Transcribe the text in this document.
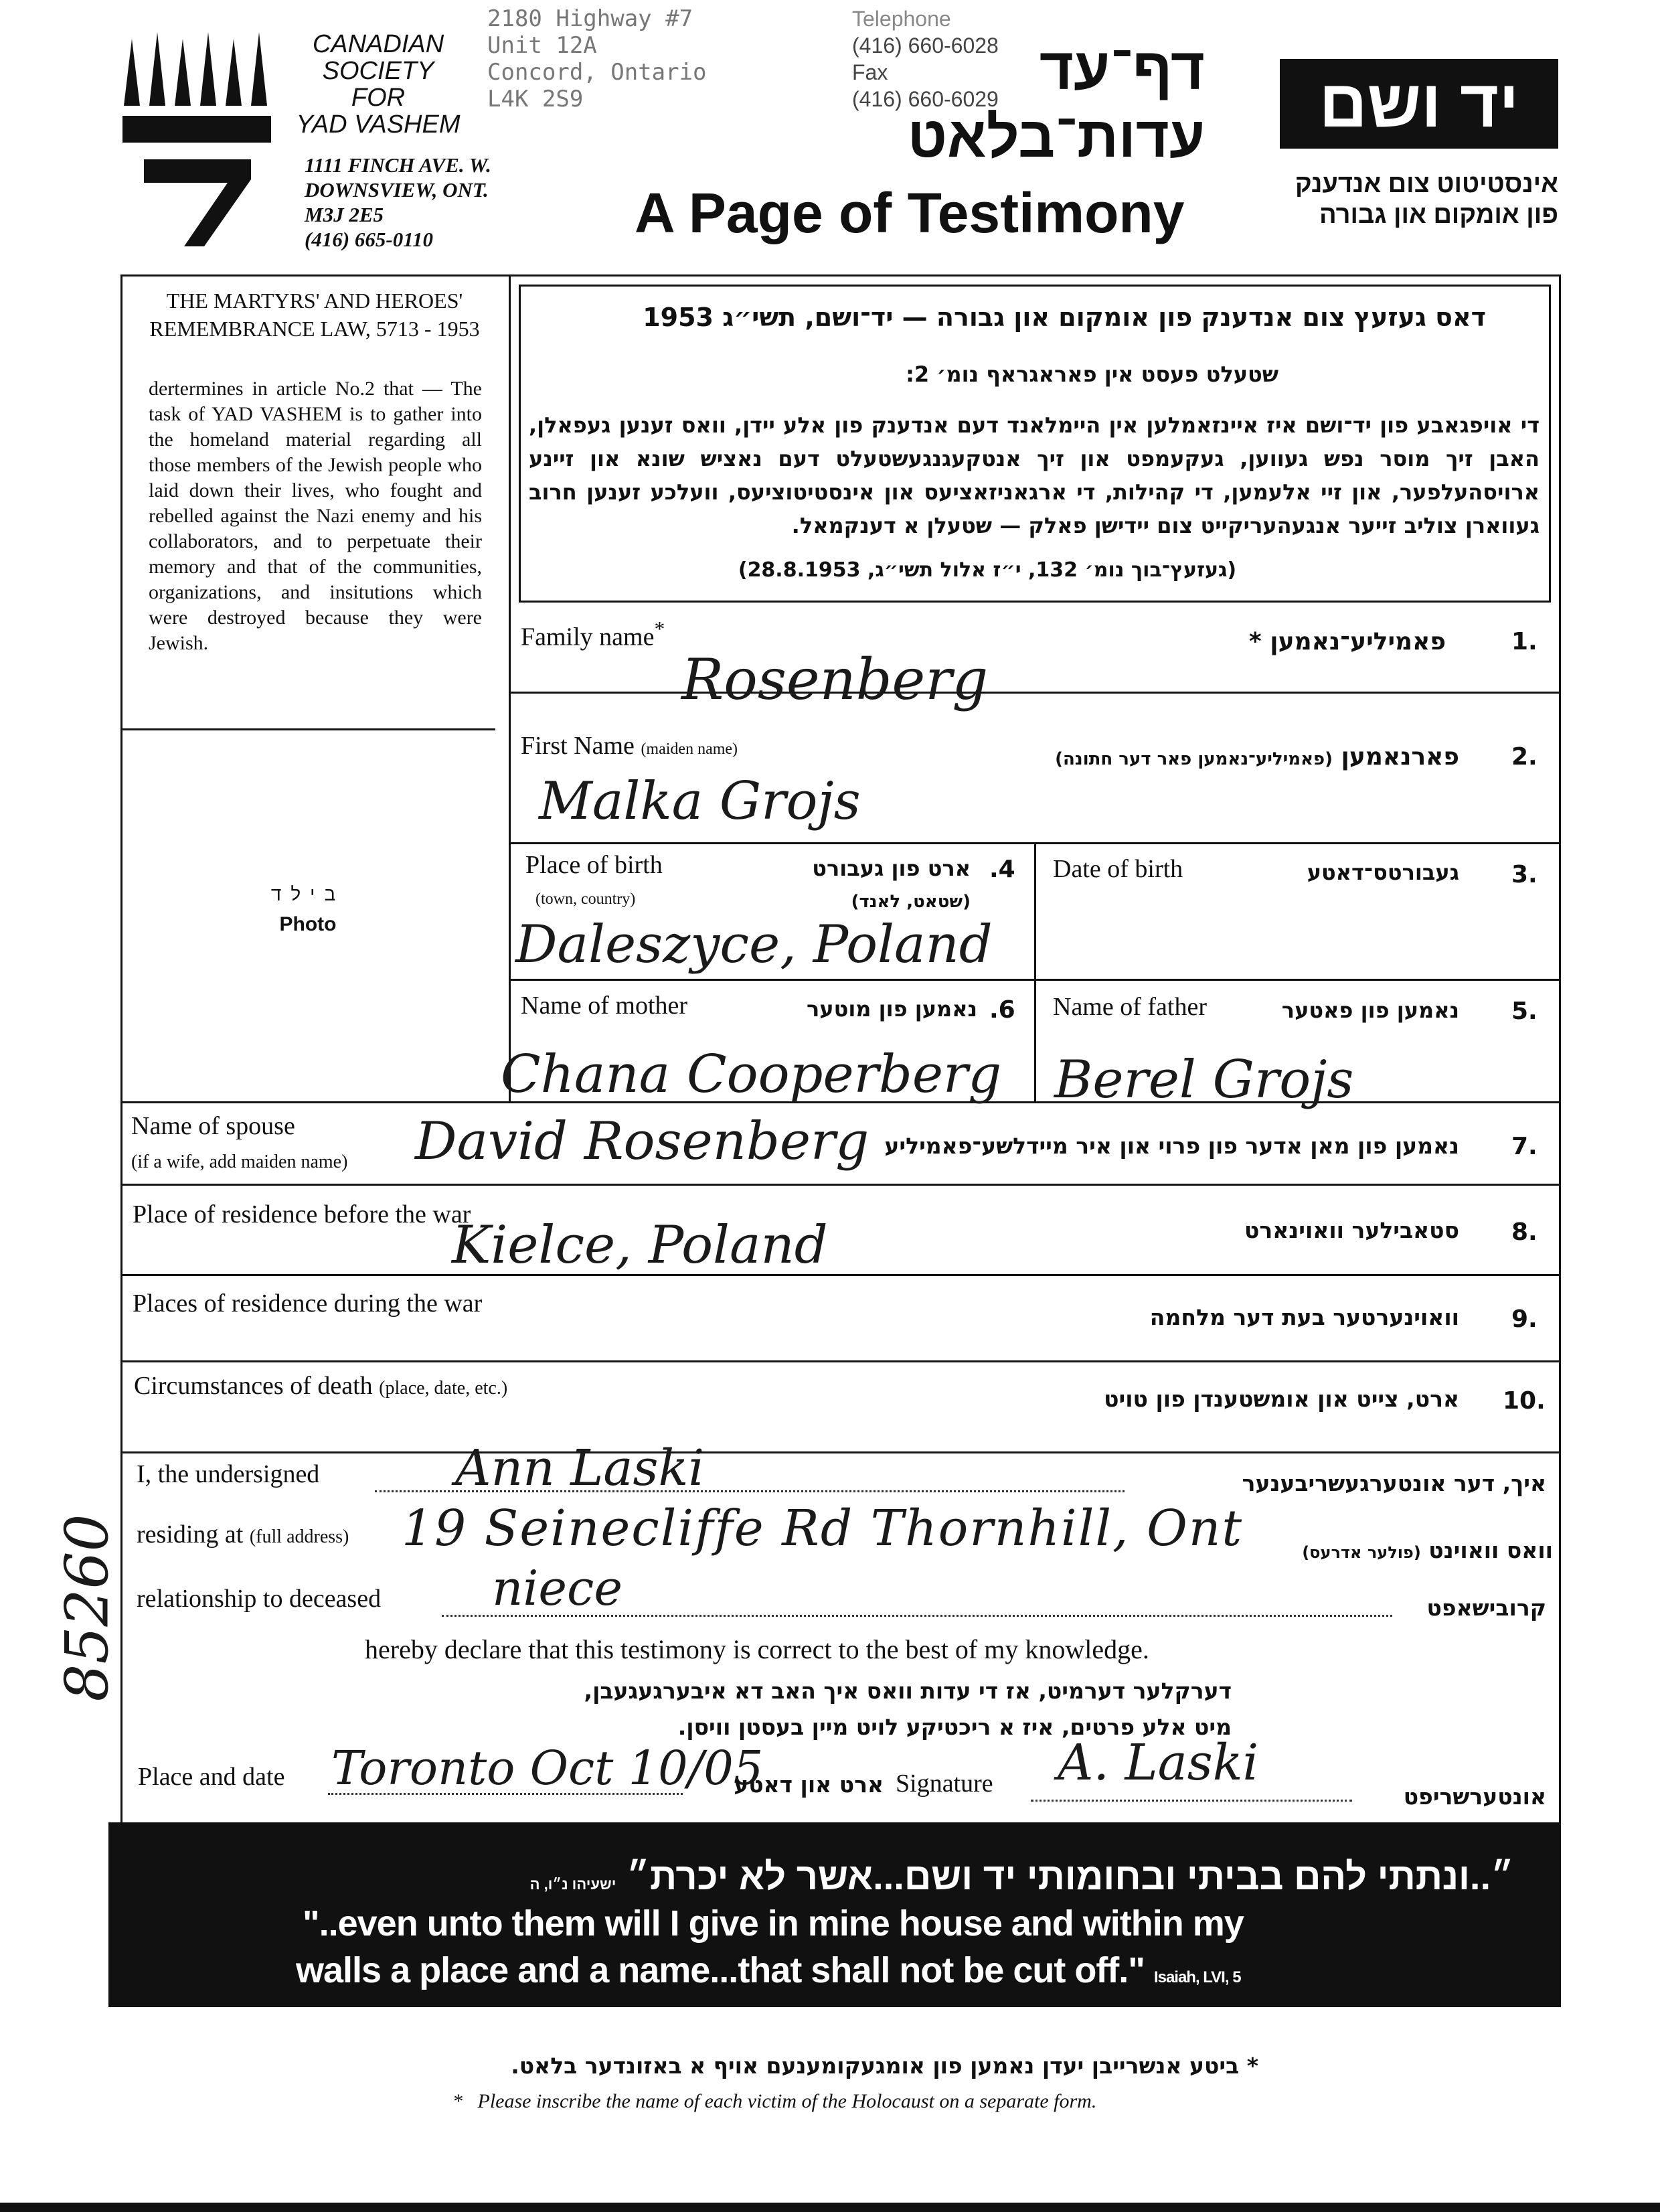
CANADIAN
SOCIETY
FOR
YAD VASHEM
1111 FINCH AVE. W.
DOWNSVIEW, ONT.
M3J 2E5
(416) 665-0110
2180 Highway #7
Unit 12A
Concord, Ontario
L4K 2S9
Telephone
(416) 660-6028
Fax
(416) 660-6029 דף־עד
עדות־בלאט
A Page of Testimony
יד ושם
אינסטיטוט צום אנדענק
פון אומקום און גבורה
THE MARTYRS' AND HEROES' REMEMBRANCE LAW, 5713 - 1953
dertermines in article No.2 that — The task of YAD VASHEM is to gather into the homeland material regarding all those members of the Jewish people who laid down their lives, who fought and rebelled against the Nazi enemy and his collaborators, and to perpetuate their memory and that of the communities, organizations, and insitutions which were destroyed because they were Jewish.
בילד
Photo
דאס געזעץ צום אנדענק פון אומקום און גבורה — יד־ושם, תשי״ג 1953
שטעלט פעסט אין פאראגראף נומ׳ 2:
די אויפגאבע פון יד־ושם איז איינזאמלען אין היימלאנד דעם אנדענק פון אלע יידן, וואס זענען געפאלן, האבן זיך מוסר נפש געווען, געקעמפט און זיך אנטקעגנגעשטעלט דעם נאציש שונא און זיינע ארויסהעלפער, און זיי אלעמען, די קהילות, די ארגאניזאציעס און אינסטיטוציעס, וועלכע זענען חרוב געווארן צוליב זייער אנגעהעריקייט צום יידישן פאלק — שטעלן א דענקמאל.
(געזעץ־בוך נומ׳ 132, י״ז אלול תשי״ג, 28.8.1953)
Family name*	פאמיליע־נאמען *	1.
Rosenberg
First Name (maiden name)	פארנאמען (פאמיליע־נאמען פאר דער חתונה)	2.
Malka Grojs
Place of birth
(town, country)
ארט פון געבורט
(שטאט, לאנד)
.4
Daleszyce, Poland
Date of birth	געבורטס־דאטע 3.
Name of mother	נאמען פון מוטער .6
Chana Cooperberg
Name of father	נאמען פון פאטער 5.
Berel Grojs
Name of spouse
(if a wife, add maiden name)
נאמען פון מאן אדער פון פרוי און איר מיידלשע־פאמיליע 7.
David Rosenberg
Place of residence before the war
סטאבילער וואוינארט 8.
Kielce, Poland
Places of residence during the war	וואוינערטער בעת דער מלחמה 9.
Circumstances of death (place, date, etc.)	ארט, צייט און אומשטענדן פון טויט 10.
I, the undersigned	Ann Laski	איך, דער אונטערגעשריבענער
residing at (full address) 19 Seinecliffe Rd Thornhill, Ont	וואס וואוינט (פולער אדרעס)
relationship to deceased niece	קרובישאפט
hereby declare that this testimony is correct to the best of my knowledge.
דערקלער דערמיט, אז די עדות וואס איך האב דא איבערגעגעבן,
מיט אלע פרטים, איז א ריכטיקע לויט מיין בעסטן וויסן.
Place and date Toronto Oct 10/05
ארט און דאטע Signature A. Laski
אונטערשריפט
85260
״..ונתתי להם בביתי ובחומותי יד ושם...אשר לא יכרת״ ישעיהו נ״ו, ה
"..even unto them will I give in mine house and within my
walls a place and a name...that shall not be cut off." Isaiah, LVI, 5
* ביטע אנשרייבן יעדן נאמען פון אומגעקומענעם אויף א באזונדער בלאט.
* Please inscribe the name of each victim of the Holocaust on a separate form.
